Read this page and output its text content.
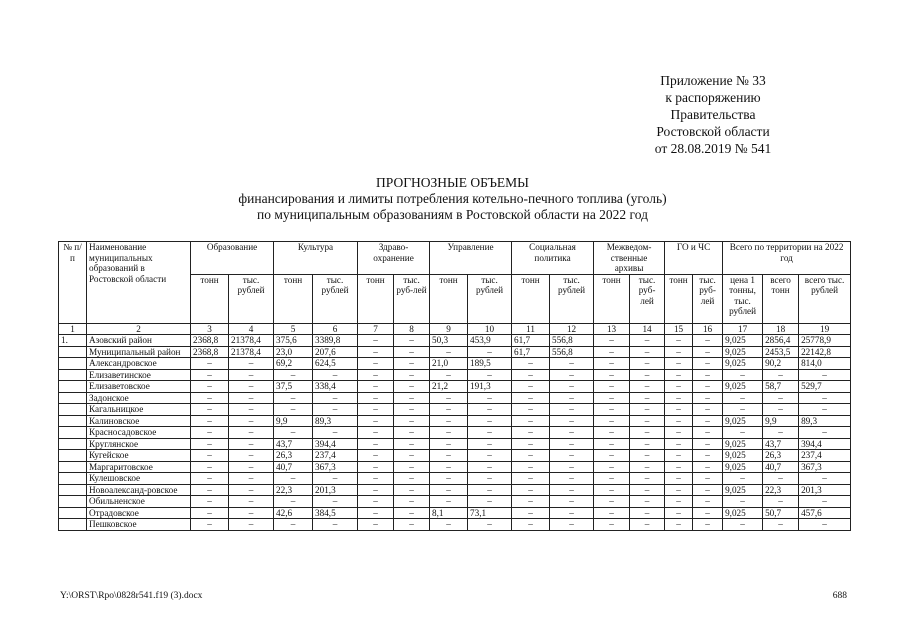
Приложение № 33
к распоряжению
Правительства
Ростовской области
от 28.08.2019 № 541
ПРОГНОЗНЫЕ ОБЪЕМЫ
финансирования и лимиты потребления котельно-печного топлива (уголь)
по муниципальным образованиям в Ростовской области на 2022 год
№ п/п	Наименование муниципальных образований в Ростовской области	Образование		Культура		Здраво-охранение		Управление		Социальная политика		Межведом-ственные архивы		ГО и ЧС		Всего по территории на 2022 год		
		тонн	тыс. рублей	тонн	тыс. рублей	тонн	тыс. руб-лей	тонн	тыс. рублей	тонн	тыс. рублей	тонн	тыс. руб-лей	тонн	тыс. руб-лей	цена 1 тонны, тыс. рублей	всего тонн	всего тыс. рублей
1	2	3	4	5	6	7	8	9	10	11	12	13	14	15	16	17	18	19
1.	Азовский район	2368,8	21378,4	375,6	3389,8	–	–	50,3	453,9	61,7	556,8	–	–	–	–	9,025	2856,4	25778,9
	Муниципальный район	2368,8	21378,4	23,0	207,6	–	–	–	–	61,7	556,8	–	–	–	–	9,025	2453,5	22142,8
	Александровское	–	–	69,2	624,5	–	–	21,0	189,5	–	–	–	–	–	–	9,025	90,2	814,0
	Елизаветинское	–	–	–	–	–	–	–	–	–	–	–	–	–	–	–	–	–
	Елизаветовское	–	–	37,5	338,4	–	–	21,2	191,3	–	–	–	–	–	–	9,025	58,7	529,7
	Задонское	–	–	–	–	–	–	–	–	–	–	–	–	–	–	–	–	–
	Кагальницкое	–	–	–	–	–	–	–	–	–	–	–	–	–	–	–	–	–
	Калиновское	–	–	9,9	89,3	–	–	–	–	–	–	–	–	–	–	9,025	9,9	89,3
	Красносадовское	–	–	–	–	–	–	–	–	–	–	–	–	–	–	–	–	–
	Круглянское	–	–	43,7	394,4	–	–	–	–	–	–	–	–	–	–	9,025	43,7	394,4
	Кугейское	–	–	26,3	237,4	–	–	–	–	–	–	–	–	–	–	9,025	26,3	237,4
	Маргаритовское	–	–	40,7	367,3	–	–	–	–	–	–	–	–	–	–	9,025	40,7	367,3
	Кулешовское	–	–	–	–	–	–	–	–	–	–	–	–	–	–	–	–	–
	Новоалександ-ровское	–	–	22,3	201,3	–	–	–	–	–	–	–	–	–	–	9,025	22,3	201,3
	Обильненское	–	–	–	–	–	–	–	–	–	–	–	–	–	–	–	–	–
	Отрадовское	–	–	42,6	384,5	–	–	8,1	73,1	–	–	–	–	–	–	9,025	50,7	457,6
	Пешковское	–	–	–	–	–	–	–	–	–	–	–	–	–	–	–	–	–
Y:\ORST\Rpo\0828r541.f19 (3).docx	688
